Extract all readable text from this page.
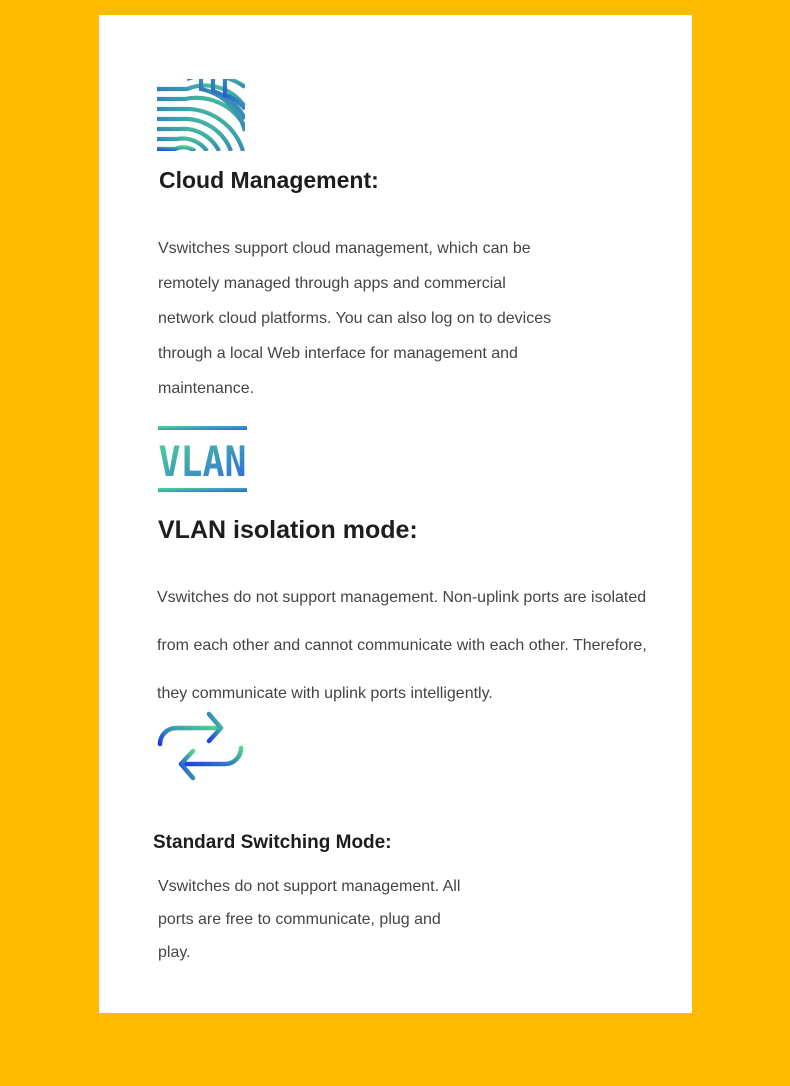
Cloud Management:
Vswitches support cloud management, which can be
remotely managed through apps and commercial
network cloud platforms. You can also log on to devices
through a local Web interface for management and
maintenance.
VLAN
VLAN isolation mode:
Vswitches do not support management. Non-uplink ports are isolated
from each other and cannot communicate with each other. Therefore,
they communicate with uplink ports intelligently.
Standard Switching Mode:
Vswitches do not support management. All
ports are free to communicate, plug and
play.
